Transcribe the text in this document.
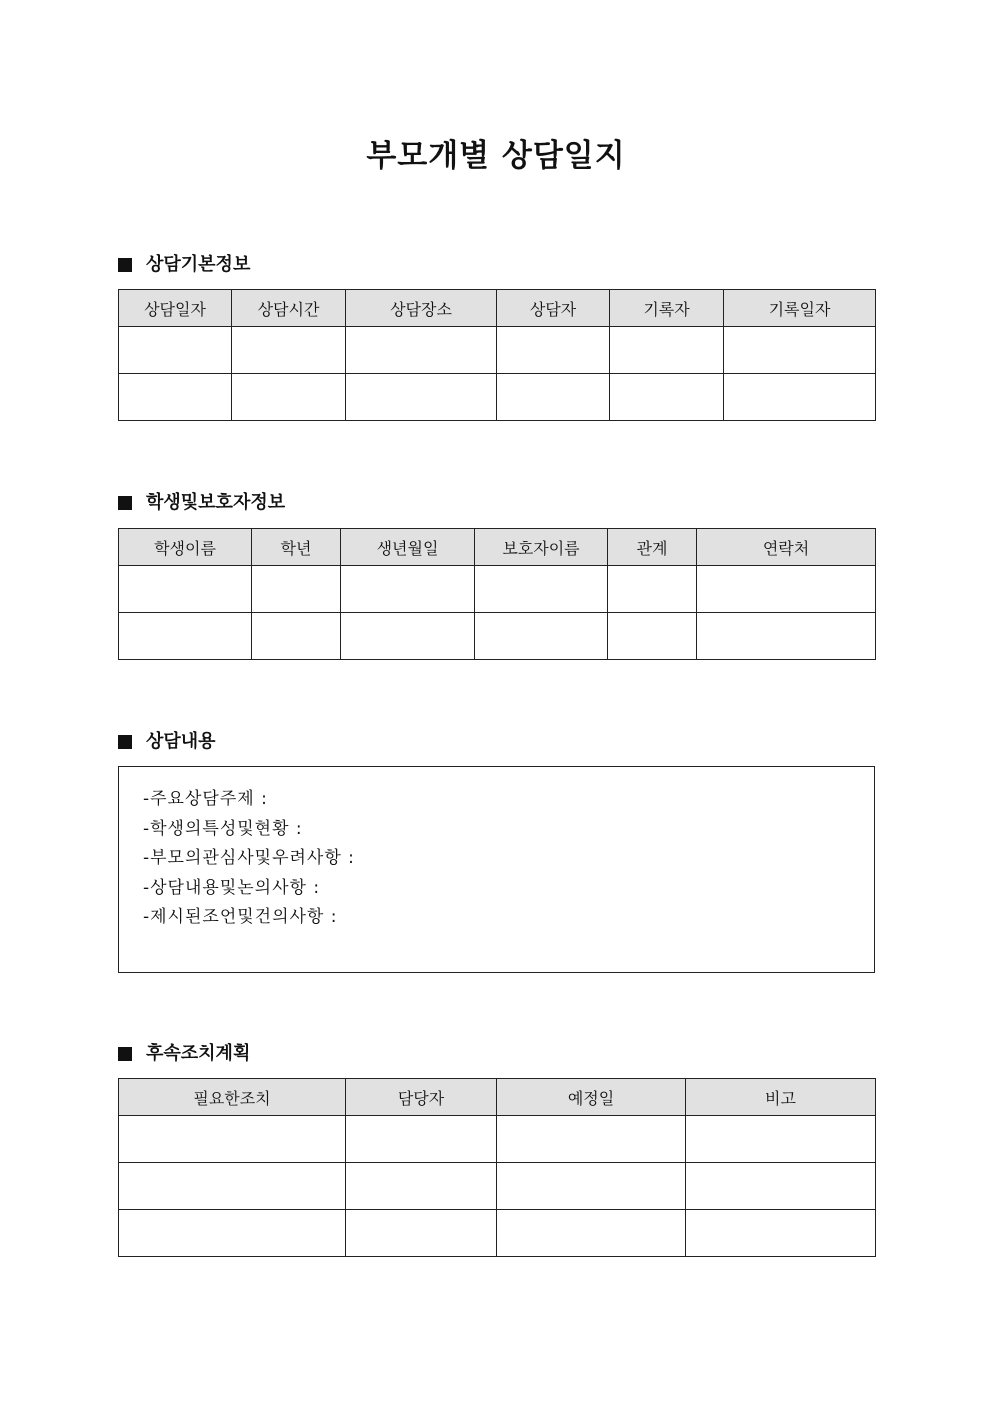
부모개별 상담일지
상담기본정보
상담일자	상담시간	상담장소	상담자	기록자	기록일자

학생및보호자정보
학생이름	학년	생년월일	보호자이름	관계	연락처

상담내용
-주요상담주제 :
-학생의특성및현황 :
-부모의관심사및우려사항 :
-상담내용및논의사항 :
-제시된조언및건의사항 :
후속조치계획
필요한조치	담당자	예정일	비고
